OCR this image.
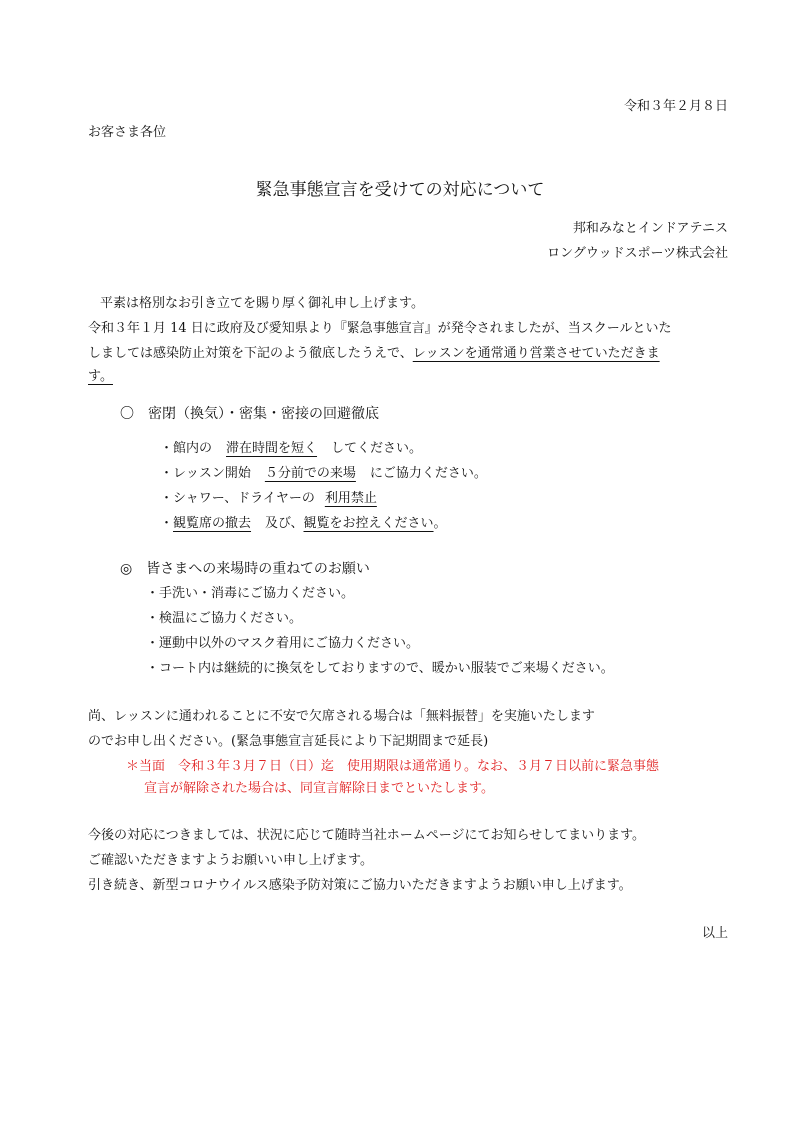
令和３年２月８日
お客さま各位
緊急事態宣言を受けての対応について
邦和みなとインドアテニス
ロングウッドスポーツ株式会社
平素は格別なお引き立てを賜り厚く御礼申し上げます。
令和３年１月 14 日に政府及び愛知県より『緊急事態宣言』が発令されましたが、当スクールといた
しましては感染防止対策を下記のよう徹底したうえで、レッスンを通常通り営業させていただきま
す。
〇　密閉（換気）・密集・密接の回避徹底
・館内の 滞在時間を短く してください。
・レッスン開始 ５分前での来場 にご協力ください。
・シャワー、ドライヤーの 利用禁止
・観覧席の撤去 及び、観覧をお控えください。
◎　皆さまへの来場時の重ねてのお願い
・手洗い・消毒にご協力ください。
・検温にご協力ください。
・運動中以外のマスク着用にご協力ください。
・コート内は継続的に換気をしておりますので、暖かい服装でご来場ください。
尚、レッスンに通われることに不安で欠席される場合は「無料振替」を実施いたします
のでお申し出ください。(緊急事態宣言延長により下記期間まで延長)
＊当面　令和３年３月７日（日）迄　使用期限は通常通り。なお、３月７日以前に緊急事態
宣言が解除された場合は、同宣言解除日までといたします。
今後の対応につきましては、状況に応じて随時当社ホームページにてお知らせしてまいります。
ご確認いただきますようお願いい申し上げます。
引き続き、新型コロナウイルス感染予防対策にご協力いただきますようお願い申し上げます。
以上
